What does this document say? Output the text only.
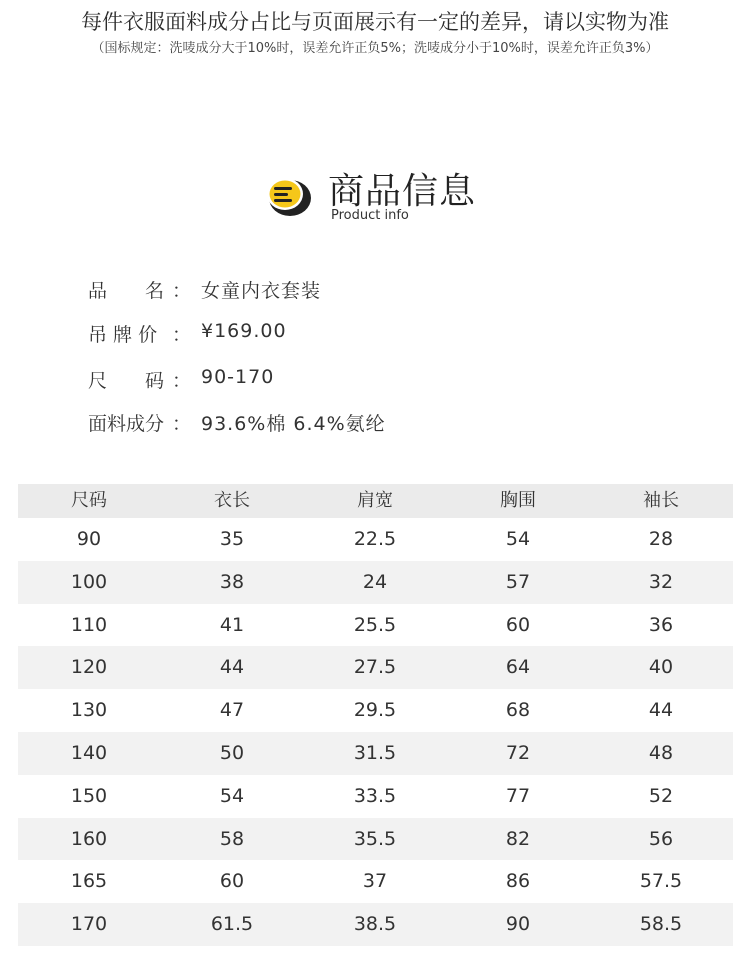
每件衣服面料成分占比与页面展示有一定的差异，请以实物为准
（国标规定：洗唛成分大于10%时，误差允许正负5%；洗唛成分小于10%时，误差允许正负3%）
商品信息
Product info
品　　名 ： 女童内衣套装
吊 牌 价 ： ¥169.00
尺　　码 ： 90-170
面料成分 ： 93.6%棉 6.4%氨纶
尺码	衣长	肩宽	胸围	袖长
90	35	22.5	54	28
100	38	24	57	32
110	41	25.5	60	36
120	44	27.5	64	40
130	47	29.5	68	44
140	50	31.5	72	48
150	54	33.5	77	52
160	58	35.5	82	56
165	60	37	86	57.5
170	61.5	38.5	90	58.5
